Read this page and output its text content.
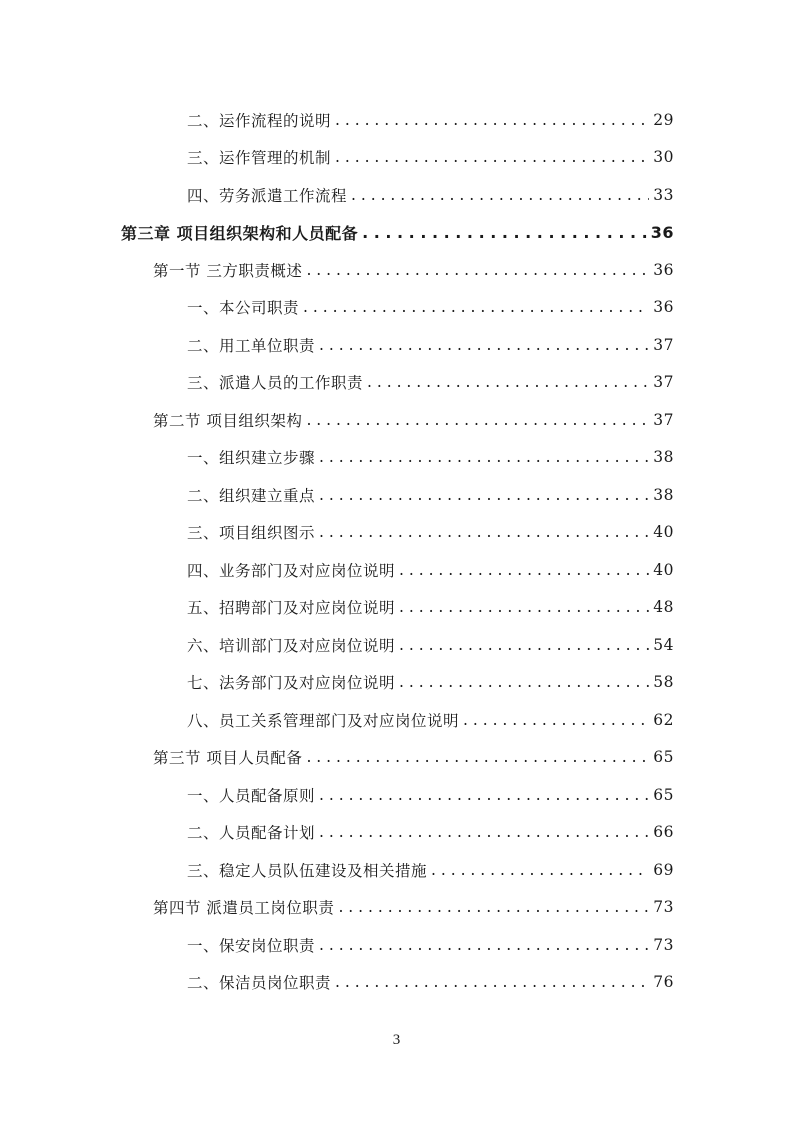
二、运作流程的说明 . . .	29
三、运作管理的机制 . . .	30
四、劳务派遣工作流程 . . .	33
第三章 项目组织架构和人员配备 . . .	36
第一节 三方职责概述 . . .	36
一、本公司职责 . . .	36
二、用工单位职责 . . .	37
三、派遣人员的工作职责 . . .	37
第二节 项目组织架构 . . .	37
一、组织建立步骤 . . .	38
二、组织建立重点 . . .	38
三、项目组织图示 . . .	40
四、业务部门及对应岗位说明 . . .	40
五、招聘部门及对应岗位说明 . . .	48
六、培训部门及对应岗位说明 . . .	54
七、法务部门及对应岗位说明 . . .	58
八、员工关系管理部门及对应岗位说明 . . .	62
第三节 项目人员配备 . . .	65
一、人员配备原则 . . .	65
二、人员配备计划 . . .	66
三、稳定人员队伍建设及相关措施 . . .	69
第四节 派遣员工岗位职责 . . .	73
一、保安岗位职责 . . .	73
二、保洁员岗位职责 . . .	76
3
